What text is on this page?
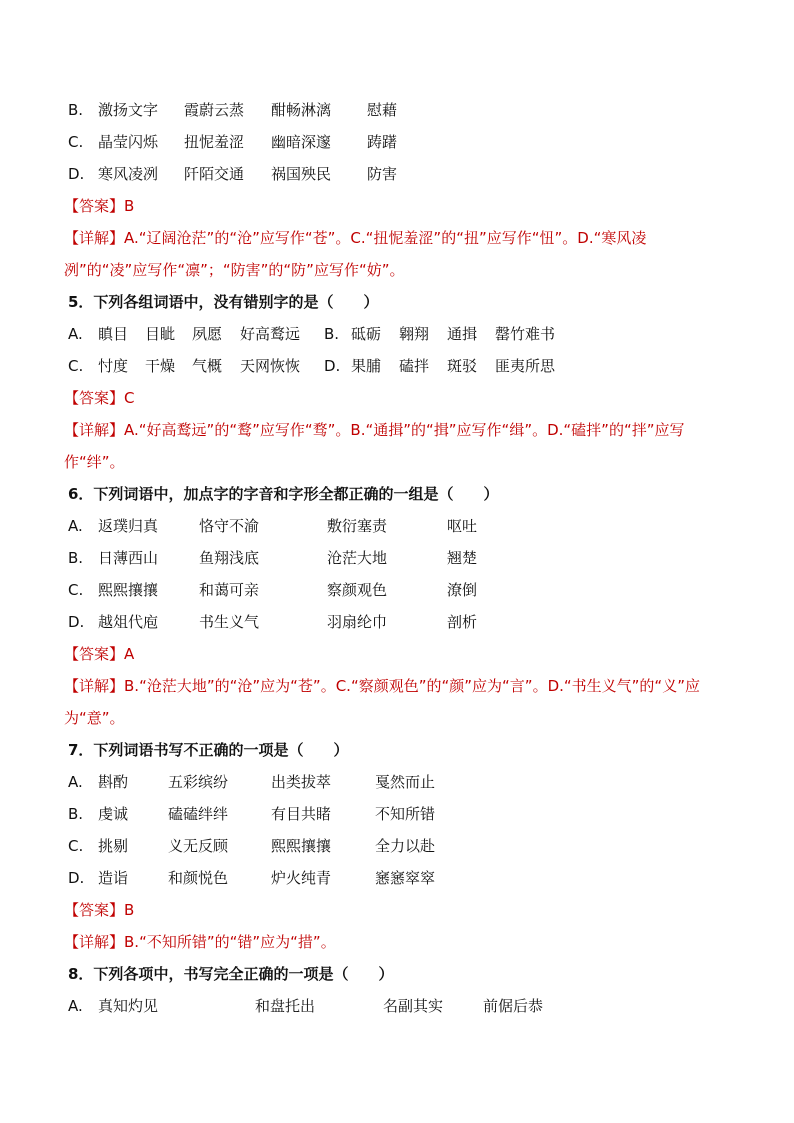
B. 激扬文字 霞蔚云蒸 酣畅淋漓 慰藉
C. 晶莹闪烁 扭怩羞涩 幽暗深邃 踌躇
D. 寒风凌冽 阡陌交通 祸国殃民 防害
【答案】B
【详解】A.“辽阔沧茫”的“沧”应写作“苍”。C.“扭怩羞涩”的“扭”应写作“忸”。D.“寒风凌冽”的“凌”应写作“凛”；“防害”的“防”应写作“妨”。
5．下列各组词语中，没有错别字的是（　　）
A. 瞋目 目眦 夙愿 好高鹜远 B. 砥砺 翱翔 通揖 罄竹难书
C. 忖度 干燥 气概 天网恢恢 D. 果脯 磕拌 斑驳 匪夷所思
【答案】C
【详解】A.“好高鹜远”的“鹜”应写作“骛”。B.“通揖”的“揖”应写作“缉”。D.“磕拌”的“拌”应写作“绊”。
6．下列词语中，加点字的字音和字形全都正确的一组是（　　）
A. 返璞归真	恪守不渝	敷衍塞责	呕吐
B. 日薄西山	鱼翔浅底	沧茫大地	翘楚
C. 熙熙攘攘	和蔼可亲	察颜观色	潦倒
D. 越俎代庖	书生义气	羽扇纶巾	剖析
【答案】A
【详解】B.“沧茫大地”的“沧”应为“苍”。C.“察颜观色”的“颜”应为“言”。D.“书生义气”的“义”应为“意”。
7．下列词语书写不正确的一项是（　　）
A. 斟酌	五彩缤纷	出类拔萃	戛然而止
B. 虔诚	磕磕绊绊	有目共睹	不知所错
C. 挑剔	义无反顾	熙熙攘攘	全力以赴
D. 造诣	和颜悦色	炉火纯青	窸窸窣窣
【答案】B
【详解】B.“不知所错”的“错”应为“措”。
8．下列各项中，书写完全正确的一项是（　　）
A. 真知灼见	和盘托出	名副其实	前倨后恭
